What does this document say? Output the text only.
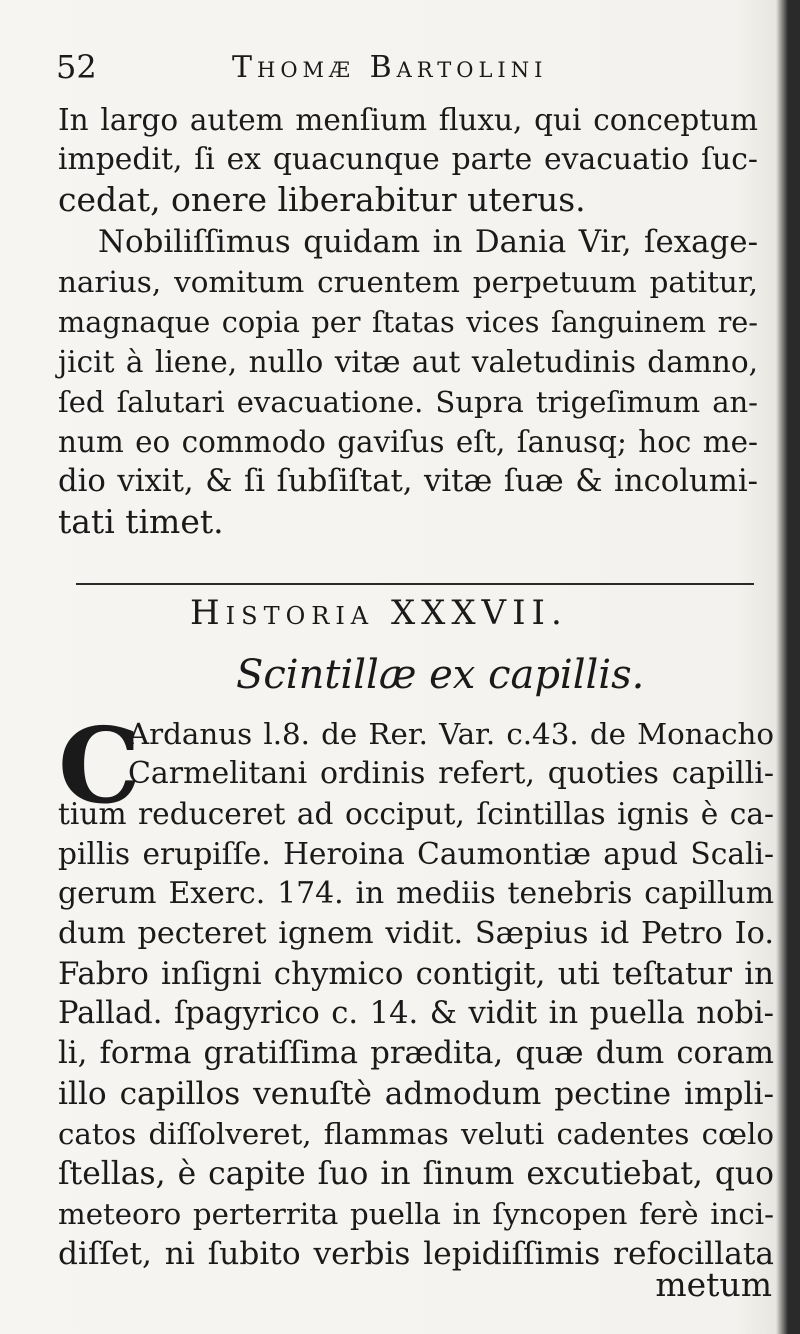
52	Thomæ Bartolini
In largo autem menſium fluxu, qui conceptum
impedit, ſi ex quacunque parte evacuatio ſuc-
cedat, onere liberabitur uterus.
Nobiliſſimus quidam in Dania Vir, ſexage-
narius, vomitum cruentem perpetuum patitur,
magnaque copia per ſtatas vices ſanguinem re-
jicit à liene, nullo vitæ aut valetudinis damno,
ſed ſalutari evacuatione. Supra trigeſimum an-
num eo commodo gaviſus eſt, ſanusq; hoc me-
dio vixit, & ſi ſubſiſtat, vitæ ſuæ & incolumi-
tati timet.
Historia XXXVII.
Scintillæ ex capillis.
C
Ardanus l.8. de Rer. Var. c.43. de Monacho
Carmelitani ordinis refert, quoties capilli-
tium reduceret ad occiput, ſcintillas ignis è ca-
pillis erupiſſe. Heroina Caumontiæ apud Scali-
gerum Exerc. 174. in mediis tenebris capillum
dum pecteret ignem vidit. Sæpius id Petro Io.
Fabro inſigni chymico contigit, uti teſtatur in
Pallad. ſpagyrico c. 14. & vidit in puella nobi-
li, forma gratiſſima prædita, quæ dum coram
illo capillos venuſtè admodum pectine impli-
catos diſſolveret, flammas veluti cadentes cœlo
ſtellas, è capite ſuo in ſinum excutiebat, quo
meteoro perterrita puella in ſyncopen ferè inci-
diſſet, ni ſubito verbis lepidiſſimis refocillata
metum
